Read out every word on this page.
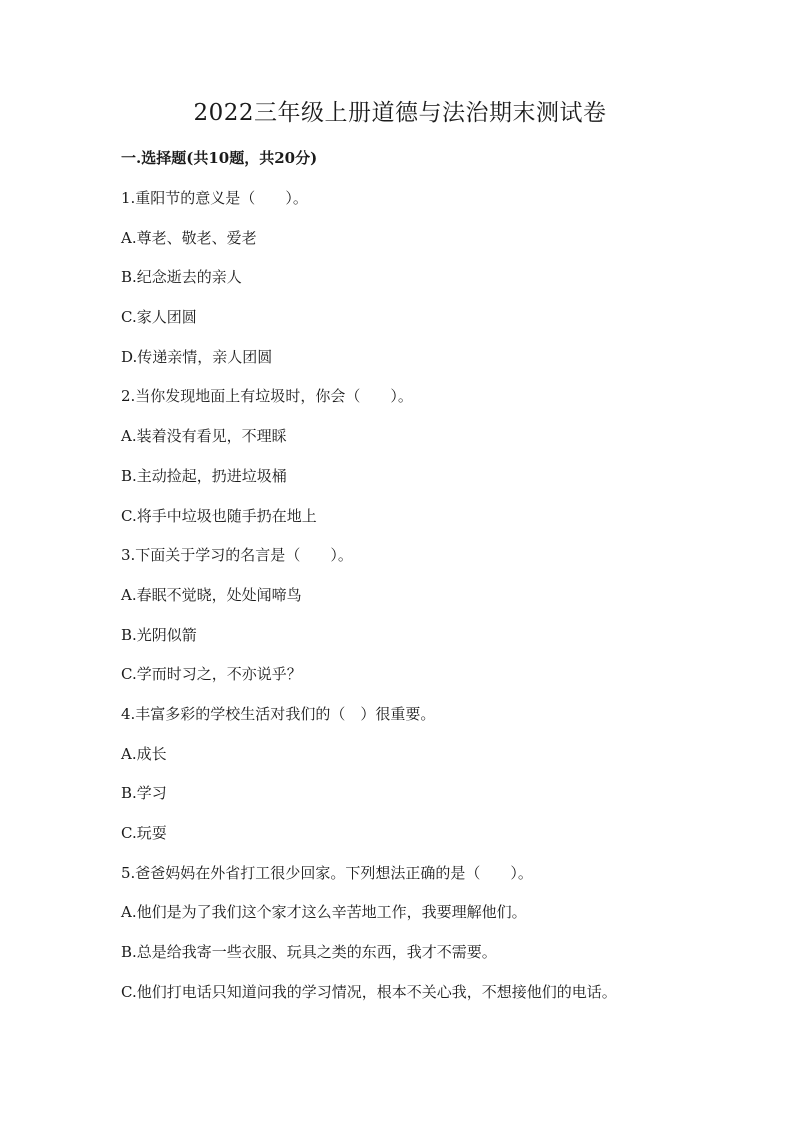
2022三年级上册道德与法治期末测试卷
一.选择题(共10题，共20分)

1.重阳节的意义是（　　）。

A.尊老、敬老、爱老

B.纪念逝去的亲人

C.家人团圆

D.传递亲情，亲人团圆

2.当你发现地面上有垃圾时，你会（　　）。

A.装着没有看见，不理睬

B.主动捡起，扔进垃圾桶

C.将手中垃圾也随手扔在地上

3.下面关于学习的名言是（　　）。

A.春眠不觉晓，处处闻啼鸟

B.光阴似箭

C.学而时习之，不亦说乎？

4.丰富多彩的学校生活对我们的（　）很重要。

A.成长

B.学习

C.玩耍

5.爸爸妈妈在外省打工很少回家。下列想法正确的是（　　）。

A.他们是为了我们这个家才这么辛苦地工作，我要理解他们。

B.总是给我寄一些衣服、玩具之类的东西，我才不需要。

C.他们打电话只知道问我的学习情况，根本不关心我，不想接他们的电话。
